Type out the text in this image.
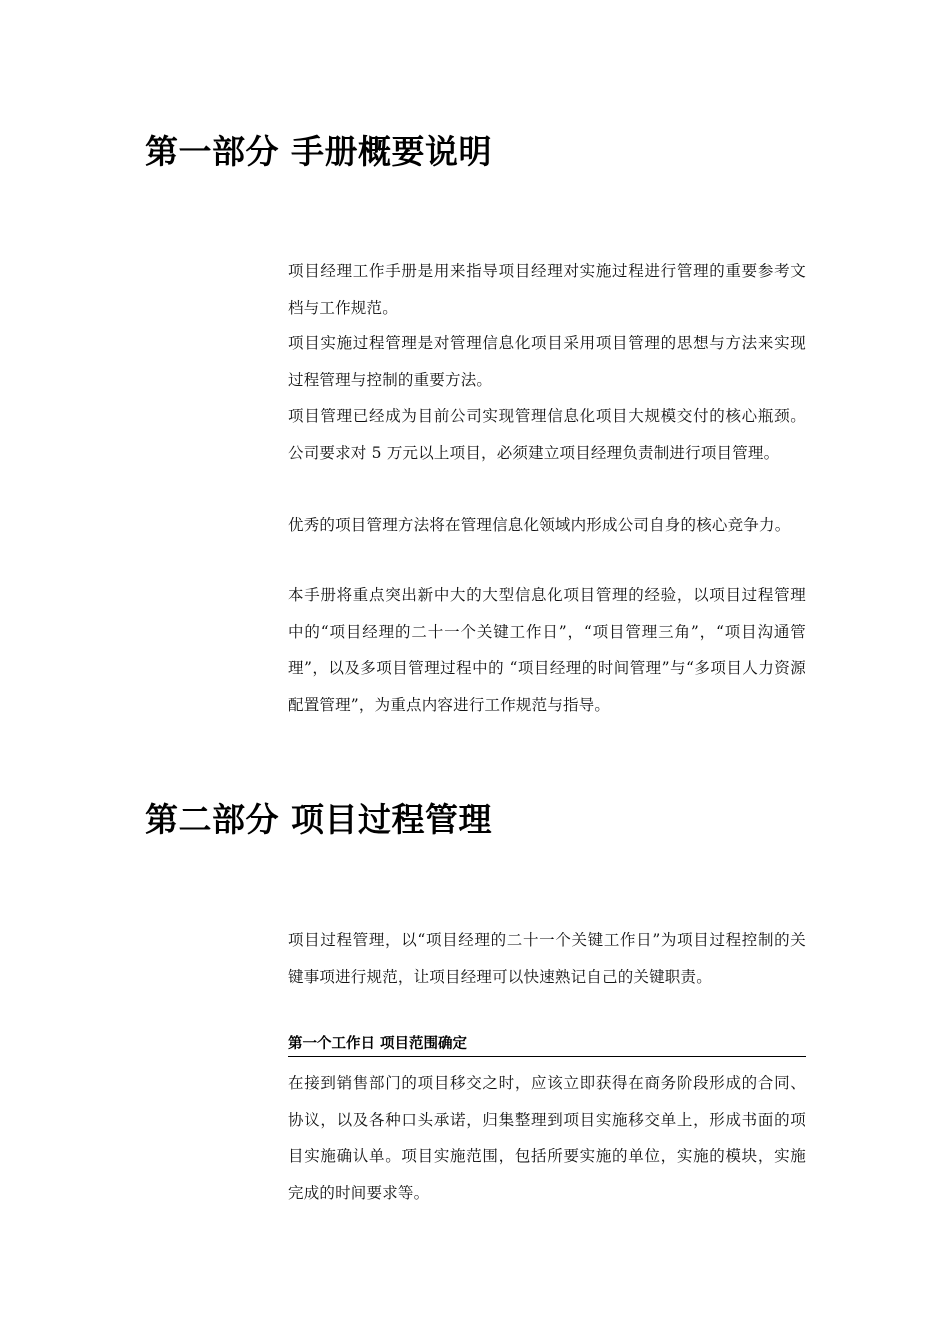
第一部分 手册概要说明

项目经理工作手册是用来指导项目经理对实施过程进行管理的重要参考文档与工作规范。

项目实施过程管理是对管理信息化项目采用项目管理的思想与方法来实现过程管理与控制的重要方法。

项目管理已经成为目前公司实现管理信息化项目大规模交付的核心瓶颈。公司要求对 5 万元以上项目，必须建立项目经理负责制进行项目管理。

优秀的项目管理方法将在管理信息化领域内形成公司自身的核心竞争力。

本手册将重点突出新中大的大型信息化项目管理的经验，以项目过程管理中的“项目经理的二十一个关键工作日”，“项目管理三角”，“项目沟通管理”，以及多项目管理过程中的 “项目经理的时间管理”与“多项目人力资源配置管理”，为重点内容进行工作规范与指导。

第二部分 项目过程管理

项目过程管理，以“项目经理的二十一个关键工作日”为项目过程控制的关键事项进行规范，让项目经理可以快速熟记自己的关键职责。

第一个工作日 项目范围确定

在接到销售部门的项目移交之时，应该立即获得在商务阶段形成的合同、协议，以及各种口头承诺，归集整理到项目实施移交单上，形成书面的项目实施确认单。项目实施范围，包括所要实施的单位，实施的模块，实施完成的时间要求等。
